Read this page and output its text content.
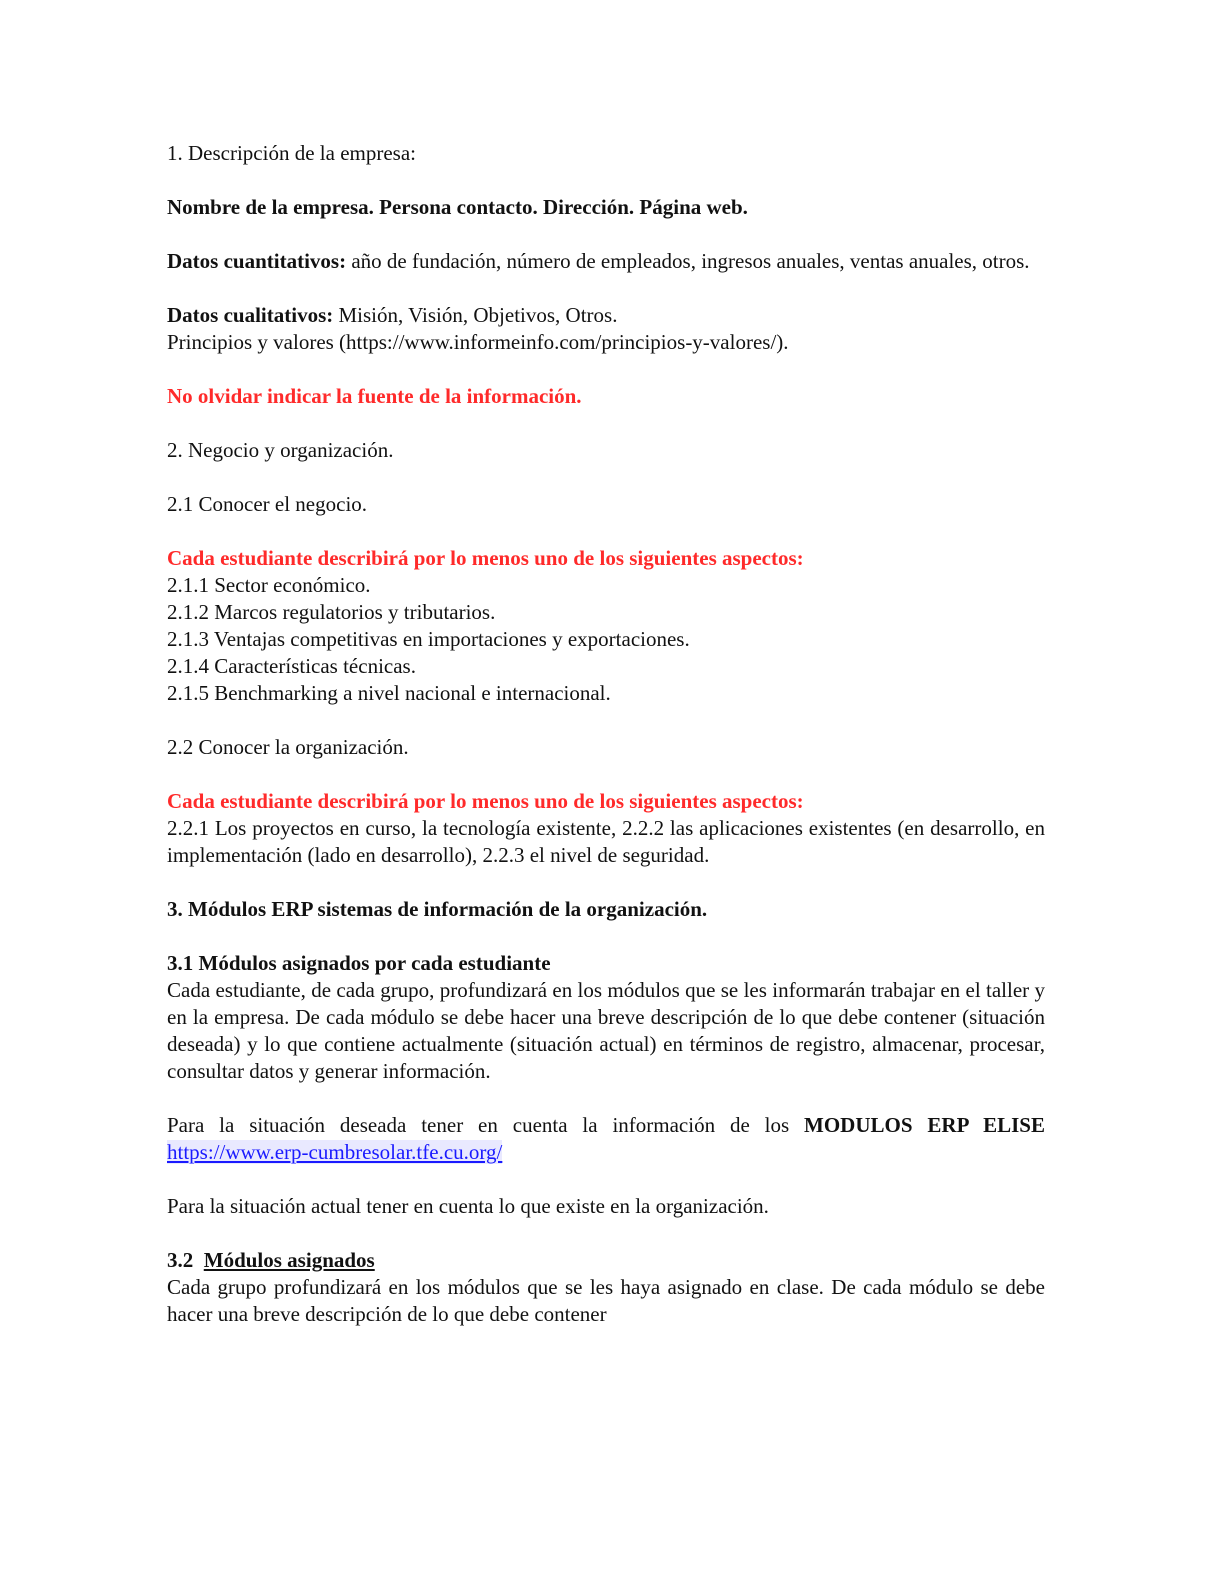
1. Descripción de la empresa:

Nombre de la empresa. Persona contacto. Dirección. Página web.

Datos cuantitativos: año de fundación, número de empleados, ingresos anuales, ventas anuales, otros.

Datos cualitativos: Misión, Visión, Objetivos, Otros.

Principios y valores (https://www.informeinfo.com/principios-y-valores/).

No olvidar indicar la fuente de la información.

2. Negocio y organización.

2.1 Conocer el negocio.

Cada estudiante describirá por lo menos uno de los siguientes aspectos:

2.1.1 Sector económico.

2.1.2 Marcos regulatorios y tributarios.

2.1.3 Ventajas competitivas en importaciones y exportaciones.

2.1.4 Características técnicas.

2.1.5 Benchmarking a nivel nacional e internacional.

2.2 Conocer la organización.

Cada estudiante describirá por lo menos uno de los siguientes aspectos:

2.2.1 Los proyectos en curso, la tecnología existente, 2.2.2 las aplicaciones existentes (en desarrollo, en implementación (lado en desarrollo), 2.2.3 el nivel de seguridad.

3. Módulos ERP sistemas de información de la organización.

3.1 Módulos asignados por cada estudiante

Cada estudiante, de cada grupo, profundizará en los módulos que se les informarán trabajar en el taller y en la empresa. De cada módulo se debe hacer una breve descripción de lo que debe contener (situación deseada) y lo que contiene actualmente (situación actual) en términos de registro, almacenar, procesar, consultar datos y generar información.

Para la situación deseada tener en cuenta la información de los MODULOS ERP ELISE https://www.erp-cumbresolar.tfe.cu.org/

Para la situación actual tener en cuenta lo que existe en la organización.

3.2 Módulos asignados

Cada grupo profundizará en los módulos que se les haya asignado en clase. De cada módulo se debe hacer una breve descripción de lo que debe contener
